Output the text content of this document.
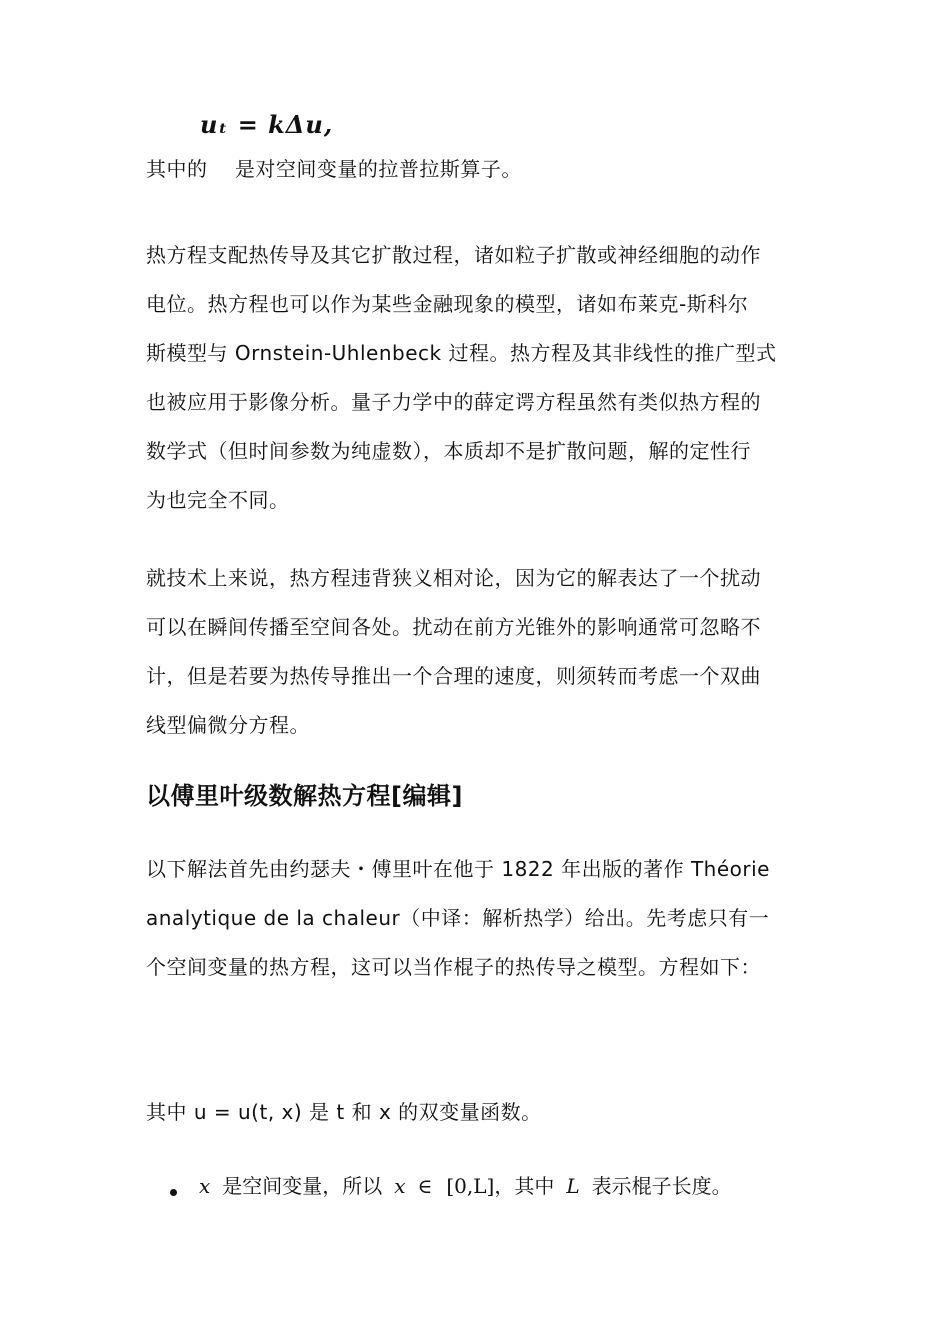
uₜ = kΔu,

其中的　 是对空间变量的拉普拉斯算子。

热方程支配热传导及其它扩散过程，诸如粒子扩散或神经细胞的动作
电位。热方程也可以作为某些金融现象的模型，诸如布莱克-斯科尔
斯模型与 Ornstein-Uhlenbeck 过程。热方程及其非线性的推广型式
也被应用于影像分析。量子力学中的薛定谔方程虽然有类似热方程的
数学式（但时间参数为纯虚数），本质却不是扩散问题，解的定性行
为也完全不同。

就技术上来说，热方程违背狭义相对论，因为它的解表达了一个扰动
可以在瞬间传播至空间各处。扰动在前方光锥外的影响通常可忽略不
计，但是若要为热传导推出一个合理的速度，则须转而考虑一个双曲
线型偏微分方程。

以傅里叶级数解热方程[编辑]

以下解法首先由约瑟夫・傅里叶在他于 1822 年出版的著作 Théorie
analytique de la chaleur（中译：解析热学）给出。先考虑只有一
个空间变量的热方程，这可以当作棍子的热传导之模型。方程如下：

其中 u = u(t, x) 是 t 和 x 的双变量函数。

x 是空间变量，所以 x ∈ [0,L] ，其中 L 表示棍子长度。
